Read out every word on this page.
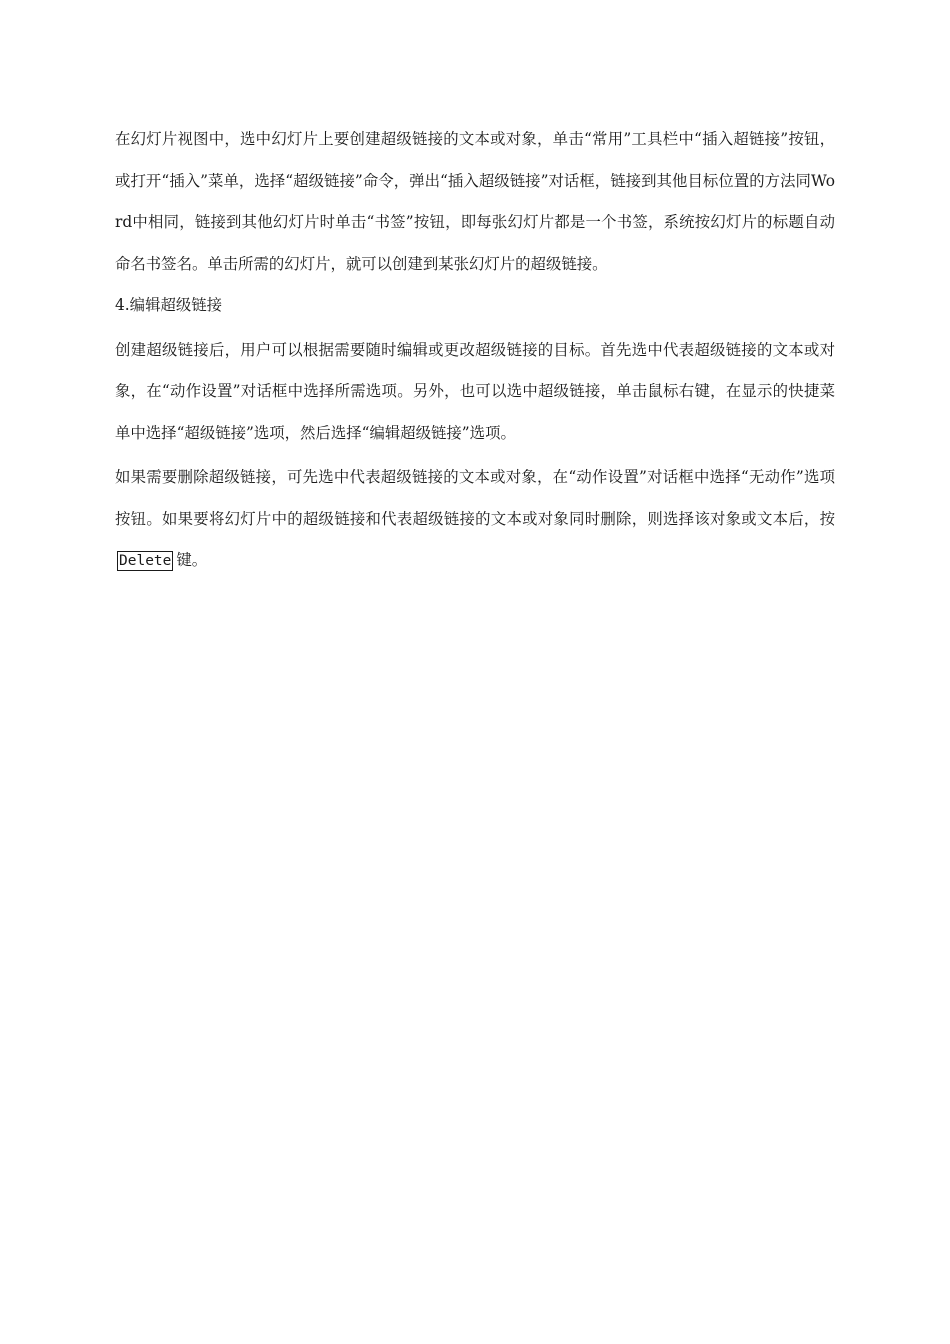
在幻灯片视图中，选中幻灯片上要创建超级链接的文本或对象，单击“常用”工具栏中“插入超链接”按钮，或打开“插入”菜单，选择“超级链接”命令，弹出“插入超级链接”对话框，链接到其他目标位置的方法同Word中相同，链接到其他幻灯片时单击“书签”按钮，即每张幻灯片都是一个书签，系统按幻灯片的标题自动命名书签名。单击所需的幻灯片，就可以创建到某张幻灯片的超级链接。

4.编辑超级链接

创建超级链接后，用户可以根据需要随时编辑或更改超级链接的目标。首先选中代表超级链接的文本或对象，在“动作设置”对话框中选择所需选项。另外，也可以选中超级链接，单击鼠标右键，在显示的快捷菜单中选择“超级链接”选项，然后选择“编辑超级链接”选项。

如果需要删除超级链接，可先选中代表超级链接的文本或对象，在“动作设置”对话框中选择“无动作”选项按钮。如果要将幻灯片中的超级链接和代表超级链接的文本或对象同时删除，则选择该对象或文本后，按Delete 键。
